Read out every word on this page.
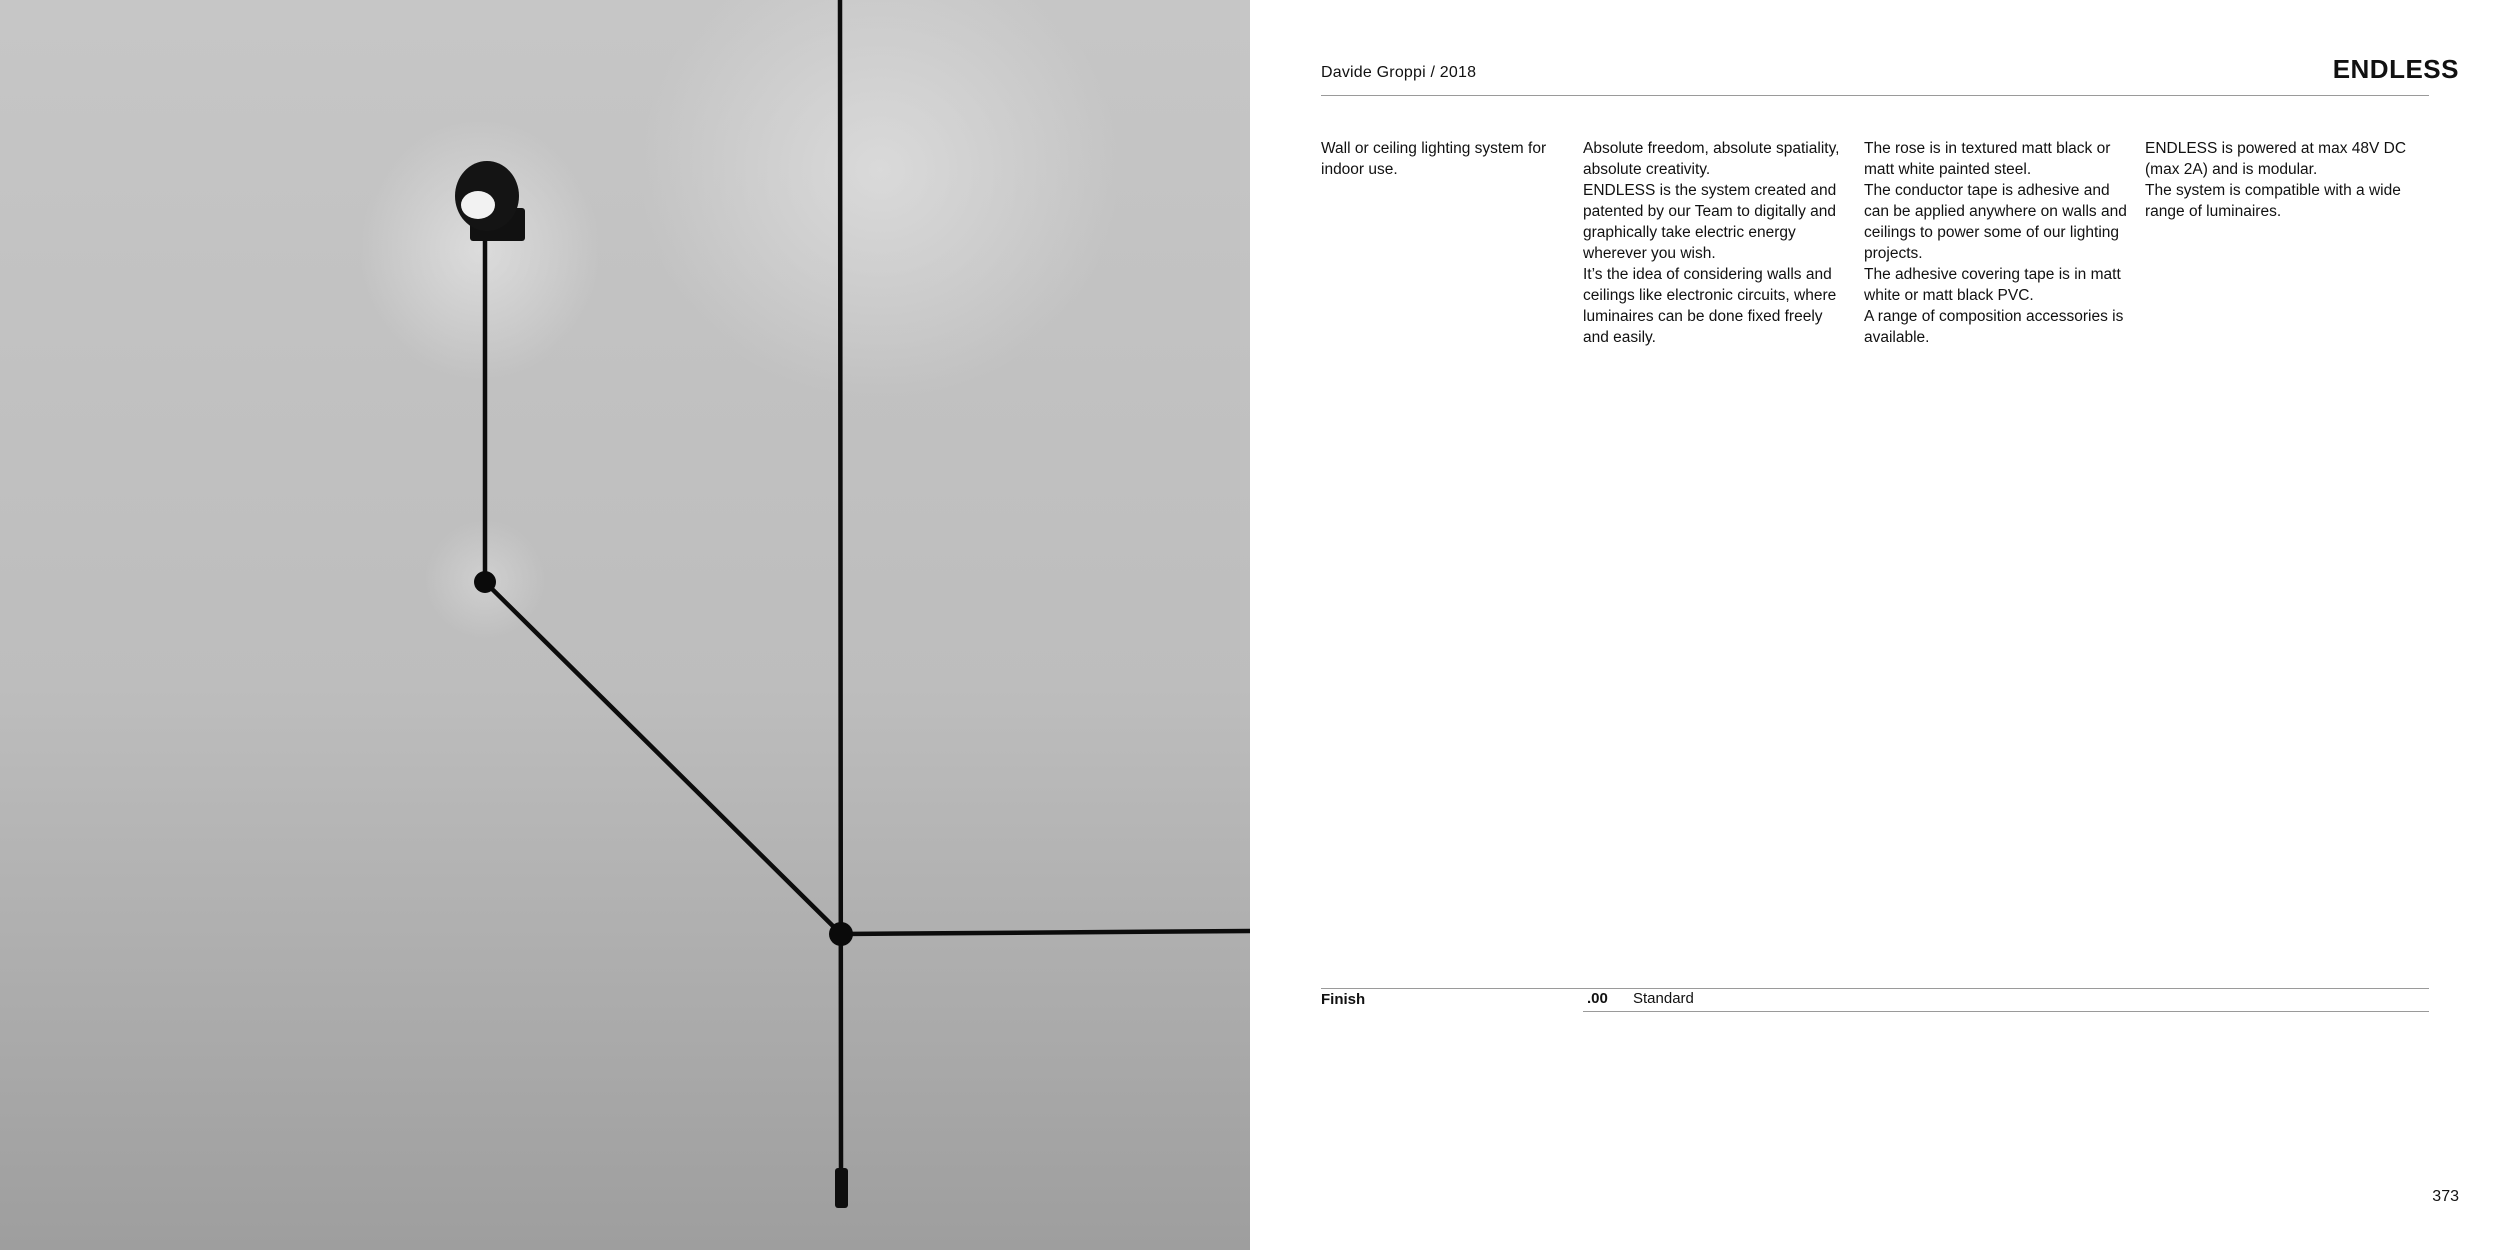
Davide Groppi / 2018	ENDLESS

Wall or ceiling lighting system for indoor use.

Absolute freedom, absolute spatiality, absolute creativity.

ENDLESS is the system created and patented by our Team to digitally and graphically take electric energy wherever you wish.

It’s the idea of considering walls and ceilings like electronic circuits, where luminaires can be done fixed freely and easily.

The rose is in textured matt black or matt white painted steel.

The conductor tape is adhesive and can be applied anywhere on walls and ceilings to power some of our lighting projects.

The adhesive covering tape is in matt white or matt black PVC.

A range of composition accessories is available.

ENDLESS is powered at max 48V DC (max 2A) and is modular.

The system is compatible with a wide range of luminaires.

Finish	.00 Standard
373
